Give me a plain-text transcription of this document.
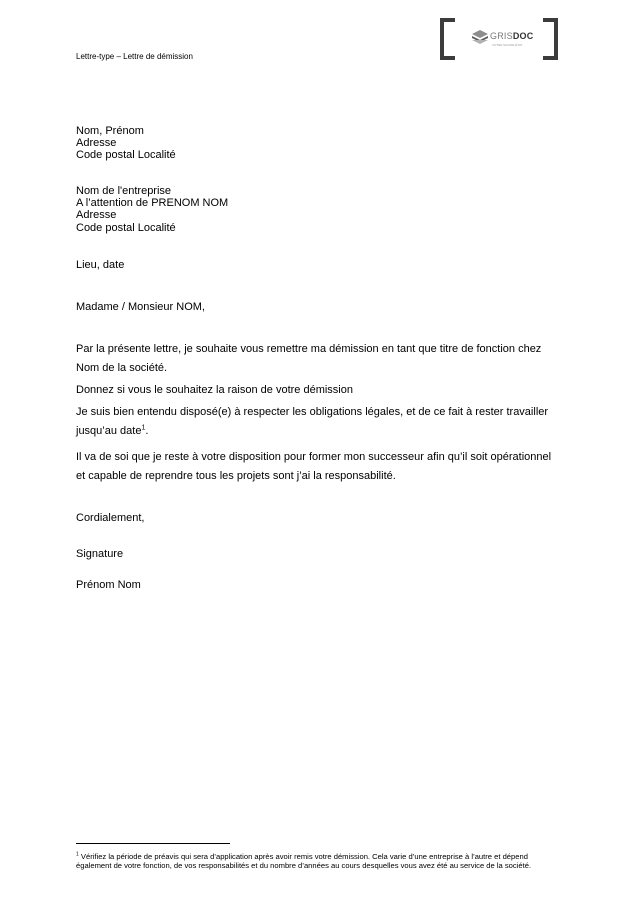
Lettre-type – Lettre de démission
GRISDOC
VOTRE SAVOIR-ÉTAT
Nom, Prénom
Adresse
Code postal Localité
Nom de l'entreprise
A l’attention de PRENOM NOM
Adresse
Code postal Localité
Lieu, date
Madame / Monsieur NOM,
Par la présente lettre, je souhaite vous remettre ma démission en tant que titre de fonction chez Nom de la société.
Donnez si vous le souhaitez la raison de votre démission
Je suis bien entendu disposé(e) à respecter les obligations légales, et de ce fait à rester travailler jusqu’au date$^1$.
Il va de soi que je reste à votre disposition pour former mon successeur afin qu’il soit opérationnel et capable de reprendre tous les projets sont j’ai la responsabilité.
Cordialement,
Signature
Prénom Nom
$^1$ Vérifiez la période de préavis qui sera d’application après avoir remis votre démission. Cela varie d’une entreprise à l’autre et dépend également de votre fonction, de vos responsabilités et du nombre d’années au cours desquelles vous avez été au service de la société.
